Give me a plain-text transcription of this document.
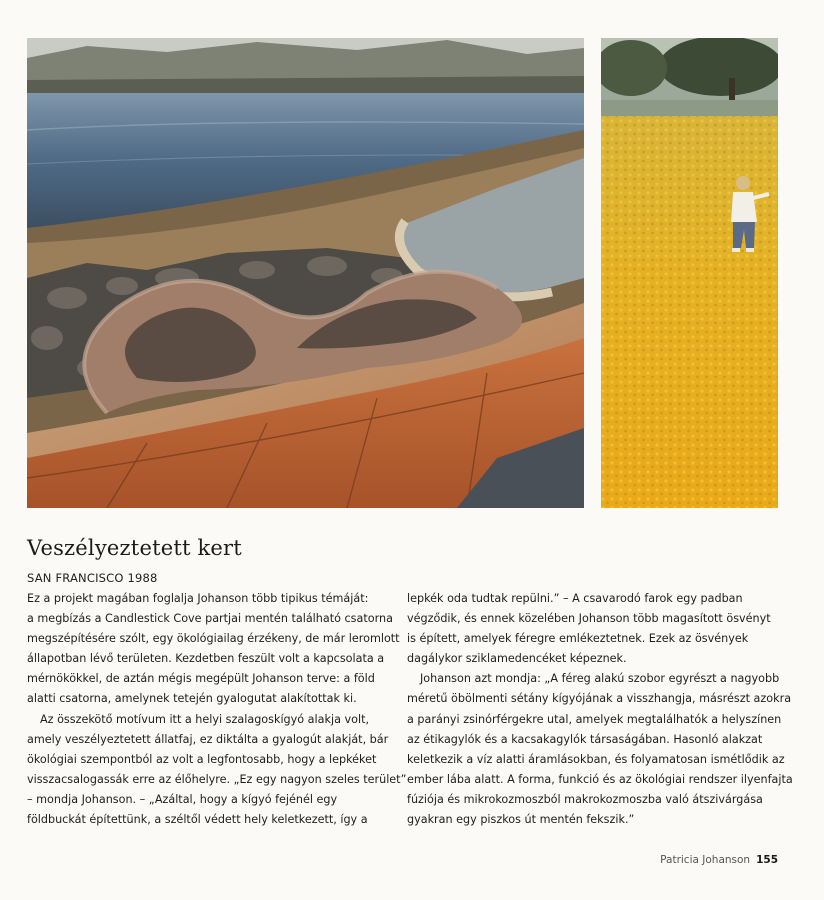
Veszélyeztetett kert
SAN FRANCISCO 1988
Ez a projekt magában foglalja Johanson több tipikus témáját:
a megbízás a Candlestick Cove partjai mentén található csatorna
megszépítésére szólt, egy ökológiailag érzékeny, de már leromlott
állapotban lévő területen. Kezdetben feszült volt a kapcsolata a
mérnökökkel, de aztán mégis megépült Johanson terve: a föld
alatti csatorna, amelynek tetején gyalogutat alakítottak ki.
Az összekötő motívum itt a helyi szalagoskígyó alakja volt,
amely veszélyeztetett állatfaj, ez diktálta a gyalogút alakját, bár
ökológiai szempontból az volt a legfontosabb, hogy a lepkéket
visszacsalogassák erre az élőhelyre. „Ez egy nagyon szeles terület”
– mondja Johanson. – „Azáltal, hogy a kígyó fejénél egy
földbuckát építettünk, a széltől védett hely keletkezett, így a
lepkék oda tudtak repülni.” – A csavarodó farok egy padban
végződik, és ennek közelében Johanson több magasított ösvényt
is épített, amelyek féregre emlékeztetnek. Ezek az ösvények
dagálykor sziklamedencéket képeznek.
Johanson azt mondja: „A féreg alakú szobor egyrészt a nagyobb
méretű öbölmenti sétány kígyójának a visszhangja, másrészt azokra
a parányi zsinórférgekre utal, amelyek megtalálhatók a helyszínen
az étikagylók és a kacsakagylók társaságában. Hasonló alakzat
keletkezik a víz alatti áramlásokban, és folyamatosan ismétlődik az
ember lába alatt. A forma, funkció és az ökológiai rendszer ilyenfajta
fúziója és mikrokozmoszból makrokozmoszba való átszivárgása
gyakran egy piszkos út mentén fekszik.”
Patricia Johanson 155
